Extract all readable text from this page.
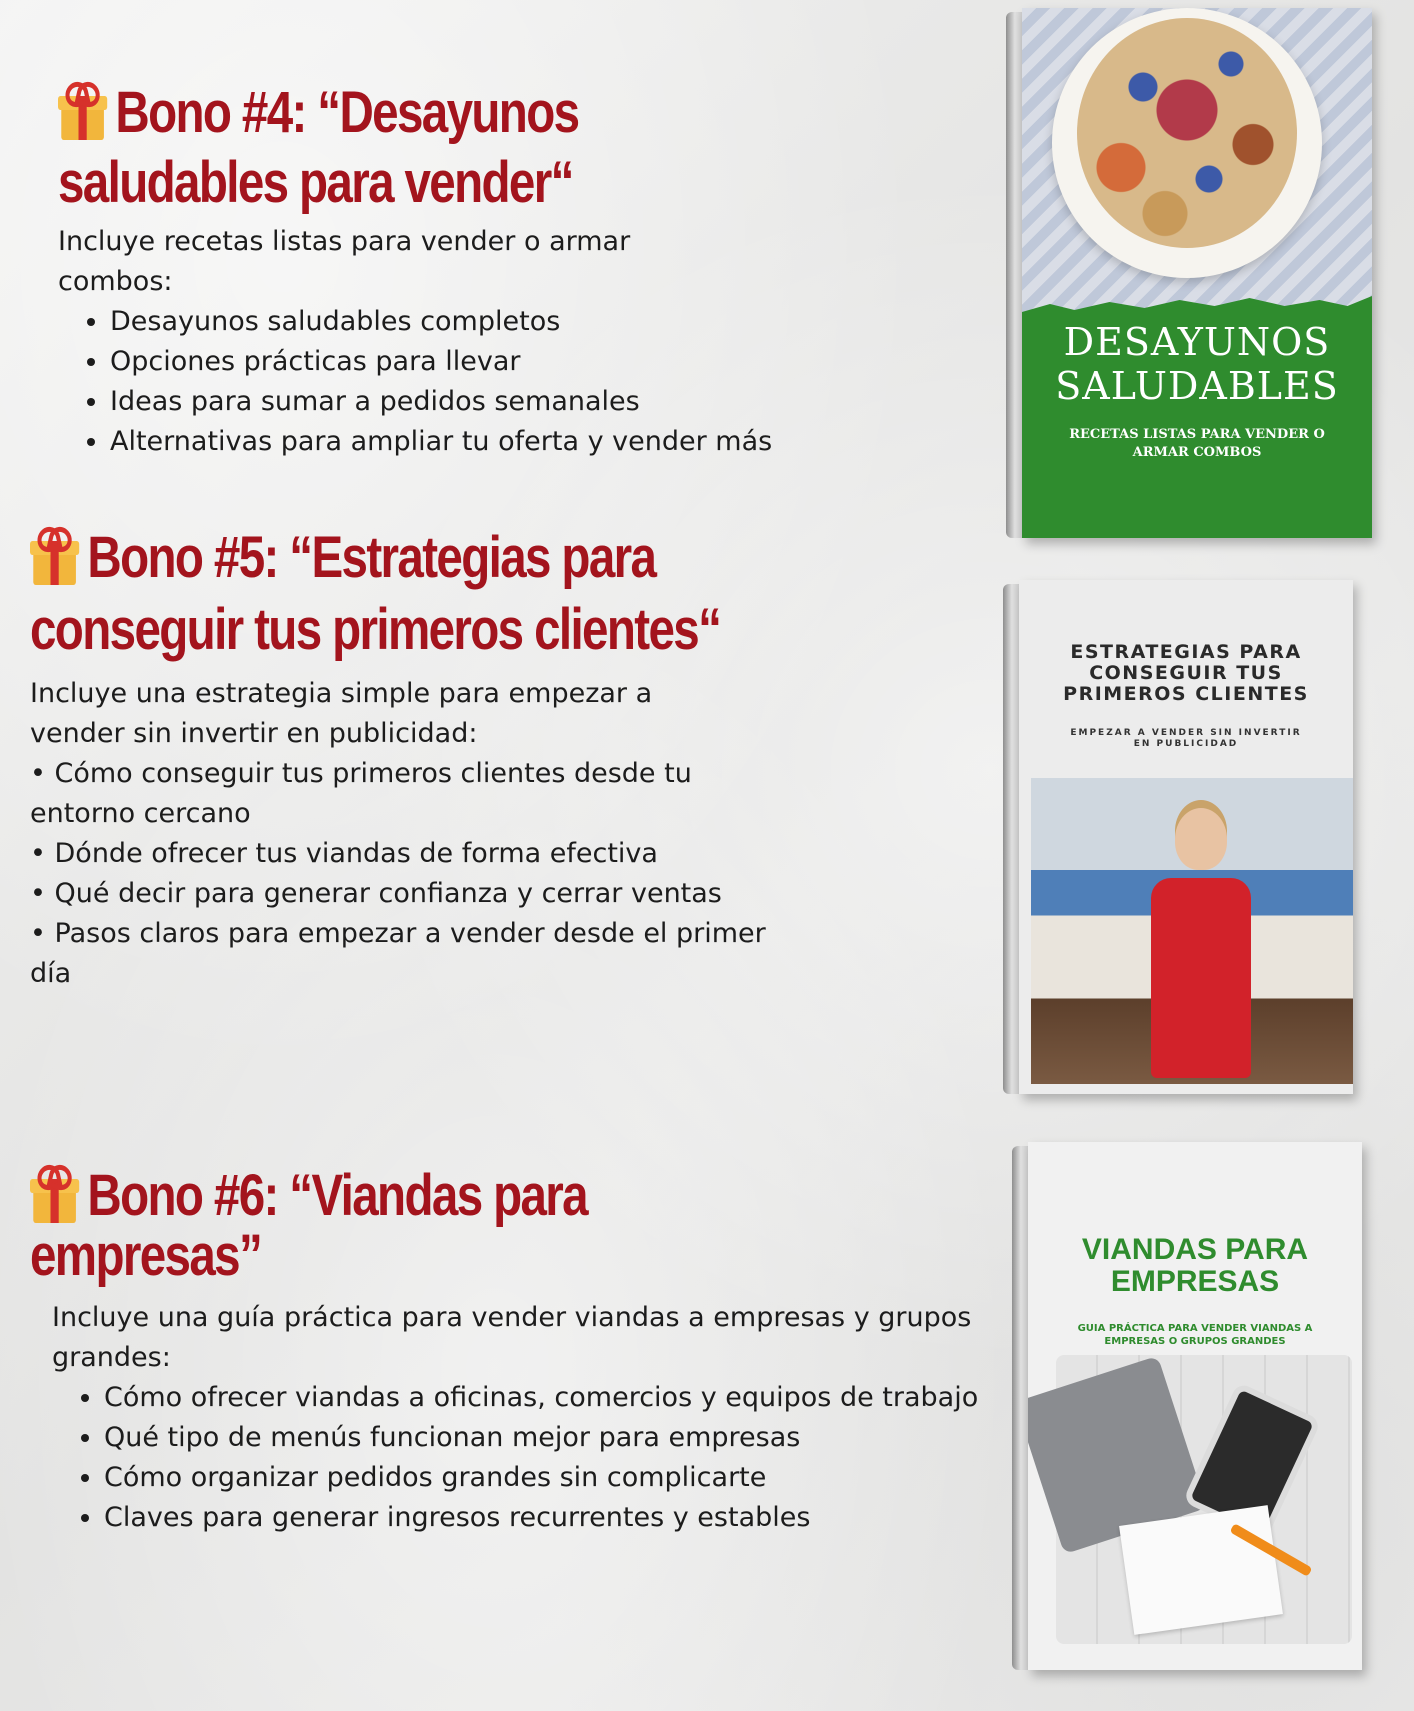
Bono #4: “Desayunos saludables para vender“

Incluye recetas listas para vender o armar combos:

• Desayunos saludables completos
• Opciones prácticas para llevar
• Ideas para sumar a pedidos semanales
• Alternativas para ampliar tu oferta y vender más
Bono #5: “Estrategias para conseguir tus primeros clientes“

Incluye una estrategia simple para empezar a vender sin invertir en publicidad:

• Cómo conseguir tus primeros clientes desde tu entorno cercano

• Dónde ofrecer tus viandas de forma efectiva

• Qué decir para generar confianza y cerrar ventas

• Pasos claros para empezar a vender desde el primer día

Bono #6: “Viandas para empresas”

Incluye una guía práctica para vender viandas a empresas y grupos grandes:

• Cómo ofrecer viandas a oficinas, comercios y equipos de trabajo
• Qué tipo de menús funcionan mejor para empresas
• Cómo organizar pedidos grandes sin complicarte
• Claves para generar ingresos recurrentes y estables
DESAYUNOS SALUDABLES
RECETAS LISTAS PARA VENDER O ARMAR COMBOS
ESTRATEGIAS PARA CONSEGUIR TUS PRIMEROS CLIENTES
EMPEZAR A VENDER SIN INVERTIR EN PUBLICIDAD
VIANDAS PARA EMPRESAS
GUIA PRÁCTICA PARA VENDER VIANDAS A EMPRESAS O GRUPOS GRANDES
